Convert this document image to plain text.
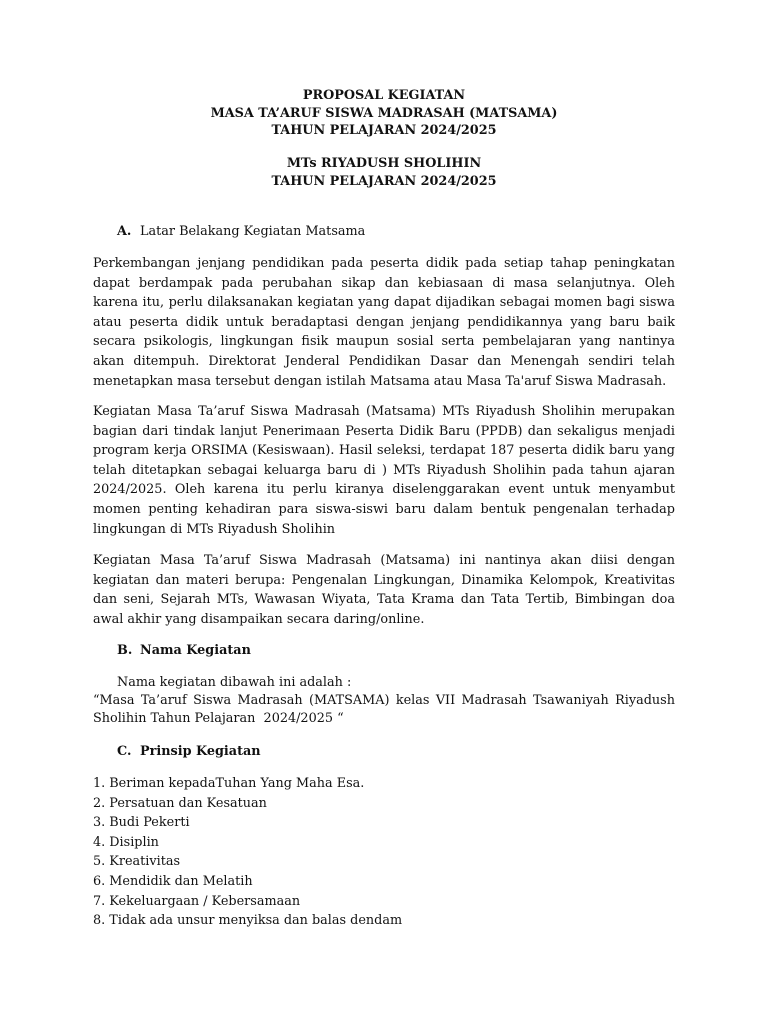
PROPOSAL KEGIATAN
MASA TA’ARUF SISWA MADRASAH (MATSAMA)
TAHUN PELAJARAN 2024/2025
MTs RIYADUSH SHOLIHIN
TAHUN PELAJARAN 2024/2025
A. Latar Belakang Kegiatan Matsama
Perkembangan jenjang pendidikan pada peserta didik pada setiap tahap peningkatan
dapat berdampak pada perubahan sikap dan kebiasaan di masa selanjutnya. Oleh
karena itu, perlu dilaksanakan kegiatan yang dapat dijadikan sebagai momen bagi siswa
atau peserta didik untuk beradaptasi dengan jenjang pendidikannya yang baru baik
secara psikologis, lingkungan fisik maupun sosial serta pembelajaran yang nantinya
akan ditempuh. Direktorat Jenderal Pendidikan Dasar dan Menengah sendiri telah
menetapkan masa tersebut dengan istilah Matsama atau Masa Ta'aruf Siswa Madrasah.
Kegiatan Masa Ta’aruf Siswa Madrasah (Matsama) MTs Riyadush Sholihin merupakan
bagian dari tindak lanjut Penerimaan Peserta Didik Baru (PPDB) dan sekaligus menjadi
program kerja ORSIMA (Kesiswaan). Hasil seleksi, terdapat 187 peserta didik baru yang
telah ditetapkan sebagai keluarga baru di ) MTs Riyadush Sholihin pada tahun ajaran
2024/2025. Oleh karena itu perlu kiranya diselenggarakan event untuk menyambut
momen penting kehadiran para siswa-siswi baru dalam bentuk pengenalan terhadap
lingkungan di MTs Riyadush Sholihin
Kegiatan Masa Ta’aruf Siswa Madrasah (Matsama) ini nantinya akan diisi dengan
kegiatan dan materi berupa: Pengenalan Lingkungan, Dinamika Kelompok, Kreativitas
dan seni, Sejarah MTs, Wawasan Wiyata, Tata Krama dan Tata Tertib, Bimbingan doa
awal akhir yang disampaikan secara daring/online.
B. Nama Kegiatan
Nama kegiatan dibawah ini adalah :
“Masa Ta’aruf Siswa Madrasah (MATSAMA) kelas VII Madrasah Tsawaniyah Riyadush
Sholihin Tahun Pelajaran  2024/2025 “
C. Prinsip Kegiatan
1. Beriman kepadaTuhan Yang Maha Esa.
2. Persatuan dan Kesatuan
3. Budi Pekerti
4. Disiplin
5. Kreativitas
6. Mendidik dan Melatih
7. Kekeluargaan / Kebersamaan
8. Tidak ada unsur menyiksa dan balas dendam
